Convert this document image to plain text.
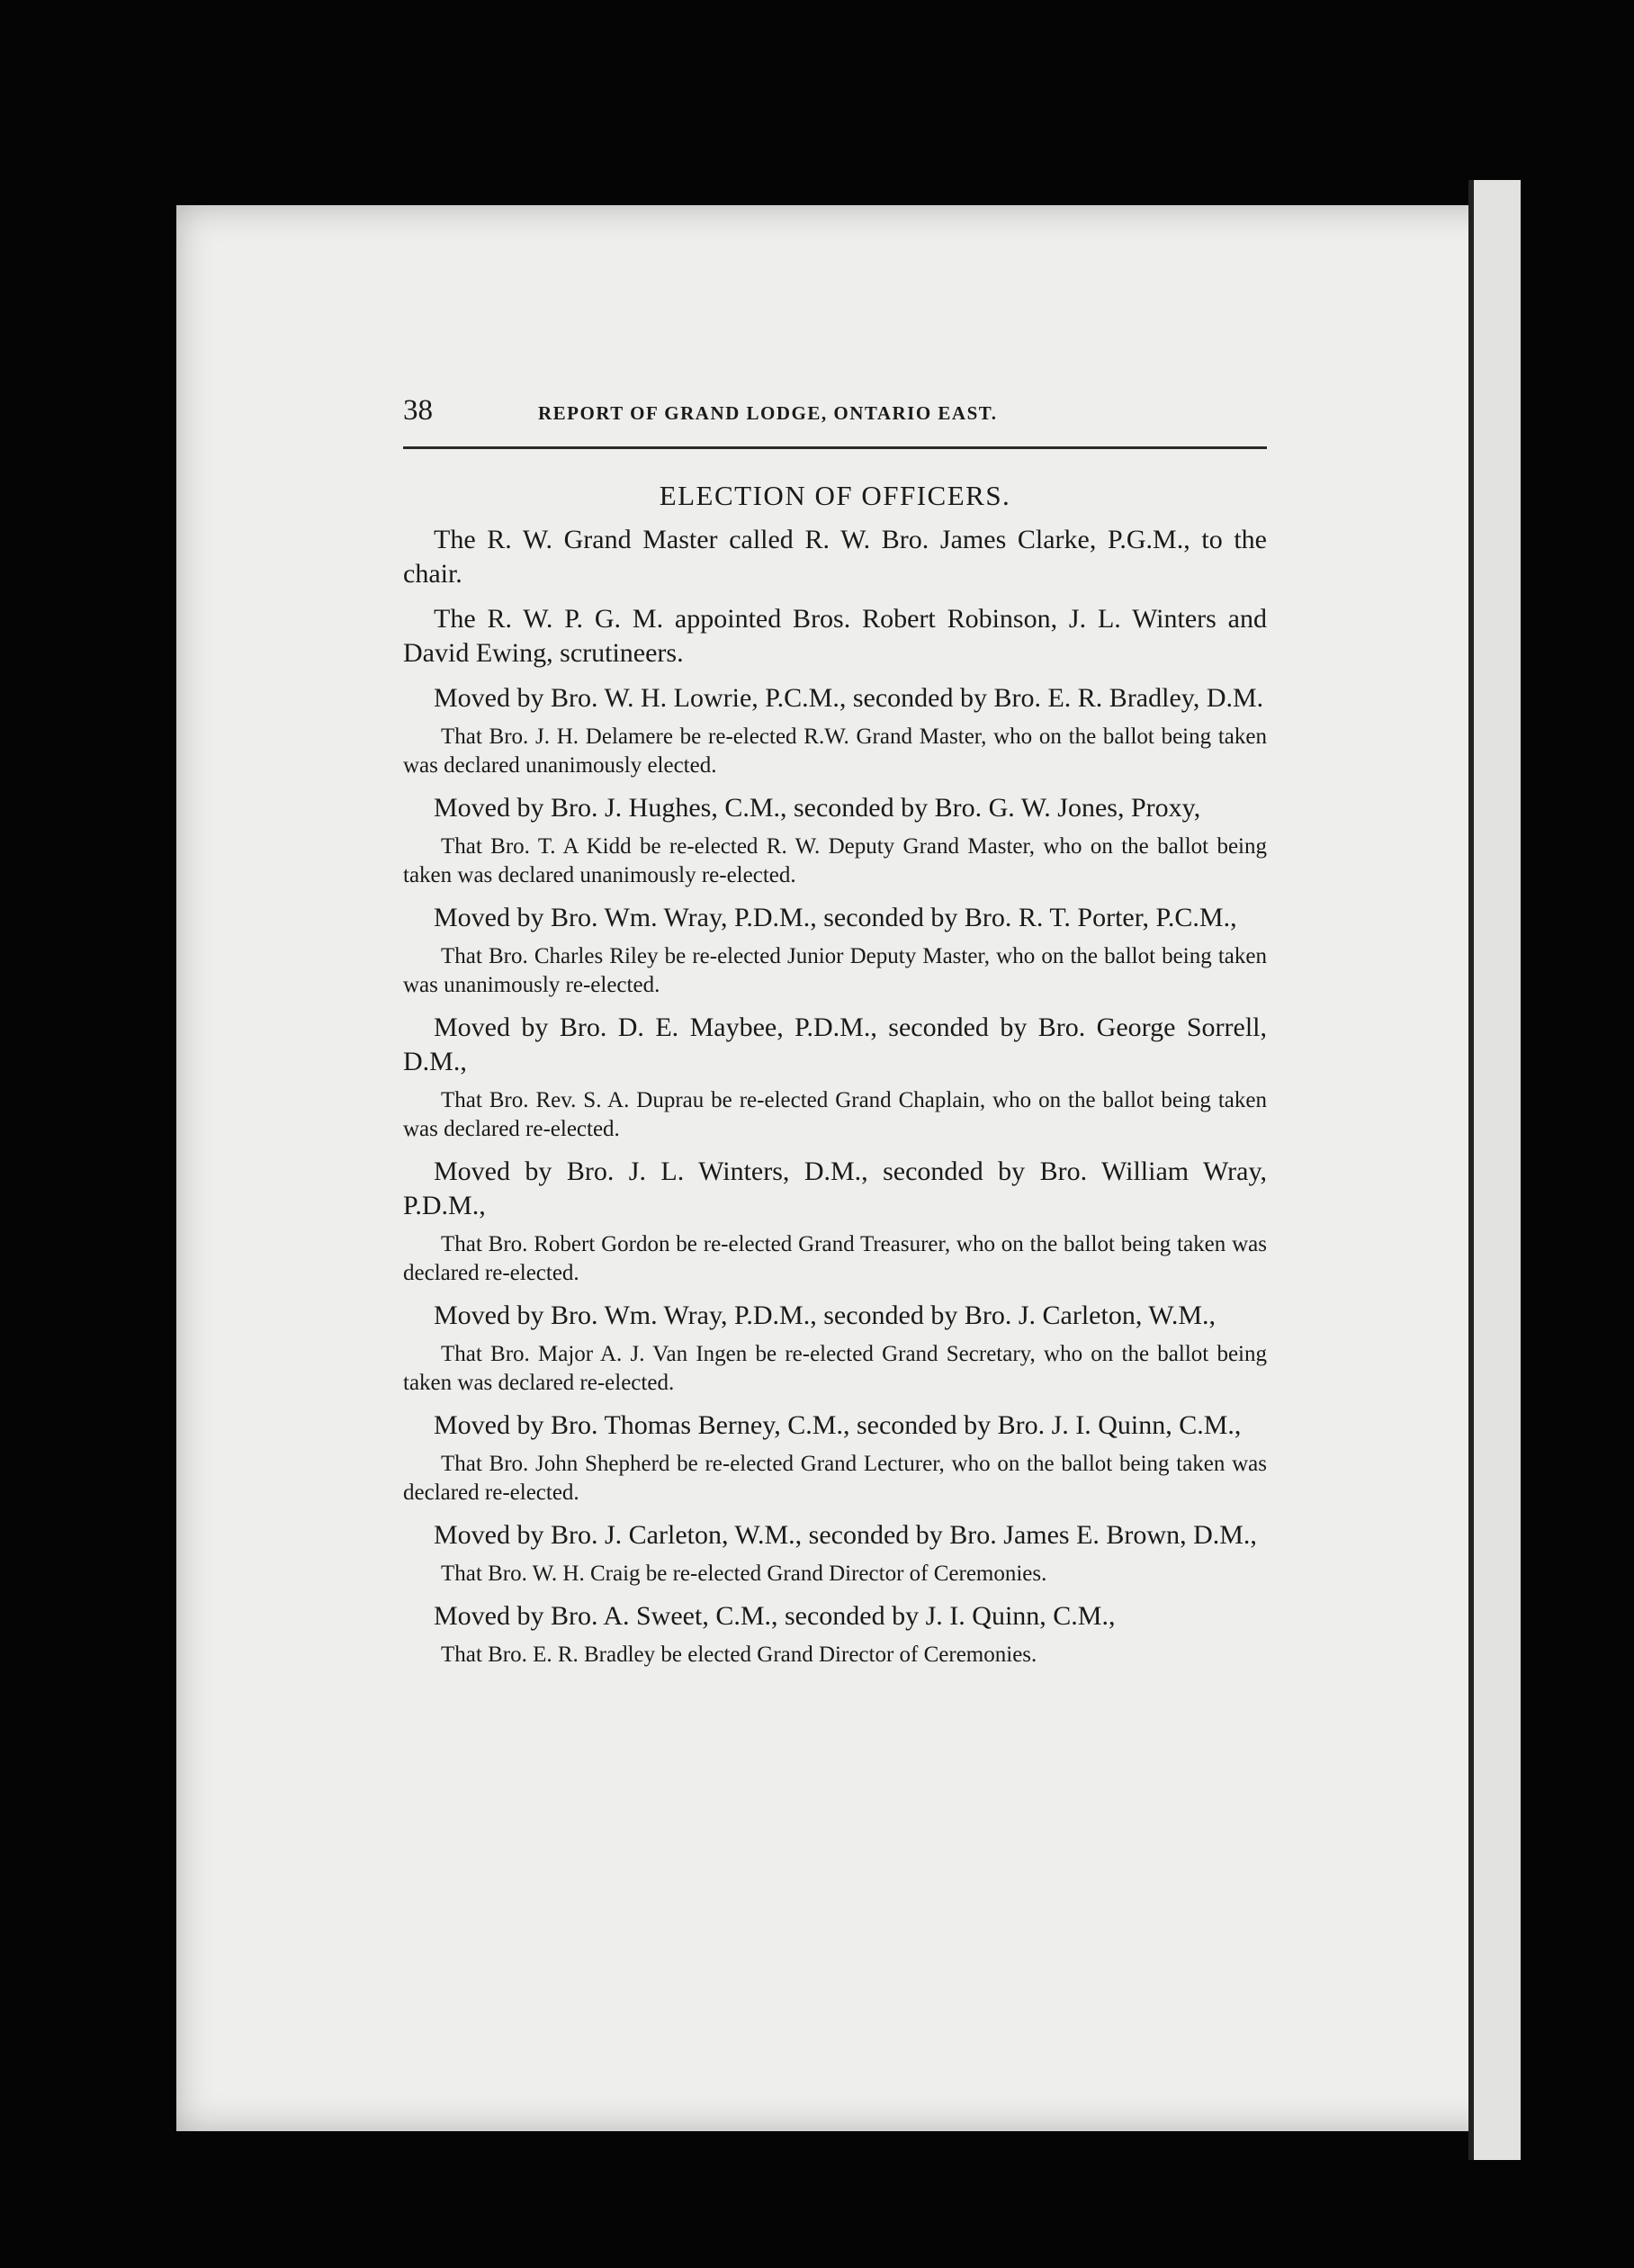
38	REPORT OF GRAND LODGE, ONTARIO EAST.
ELECTION OF OFFICERS.

The R. W. Grand Master called R. W. Bro. James Clarke, P.G.M., to the chair.

The R. W. P. G. M. appointed Bros. Robert Robinson, J. L. Winters and David Ewing, scrutineers.

Moved by Bro. W. H. Lowrie, P.C.M., seconded by Bro. E. R. Bradley, D.M.

That Bro. J. H. Delamere be re-elected R.W. Grand Master, who on the ballot being taken was declared unanimously elected.

Moved by Bro. J. Hughes, C.M., seconded by Bro. G. W. Jones, Proxy,

That Bro. T. A Kidd be re-elected R. W. Deputy Grand Master, who on the ballot being taken was declared unanimously re-elected.

Moved by Bro. Wm. Wray, P.D.M., seconded by Bro. R. T. Porter, P.C.M.,

That Bro. Charles Riley be re-elected Junior Deputy Master, who on the ballot being taken was unanimously re-elected.

Moved by Bro. D. E. Maybee, P.D.M., seconded by Bro. George Sorrell, D.M.,

That Bro. Rev. S. A. Duprau be re-elected Grand Chaplain, who on the ballot being taken was declared re-elected.

Moved by Bro. J. L. Winters, D.M., seconded by Bro. William Wray, P.D.M.,

That Bro. Robert Gordon be re-elected Grand Treasurer, who on the ballot being taken was declared re-elected.

Moved by Bro. Wm. Wray, P.D.M., seconded by Bro. J. Carleton, W.M.,

That Bro. Major A. J. Van Ingen be re-elected Grand Secretary, who on the ballot being taken was declared re-elected.

Moved by Bro. Thomas Berney, C.M., seconded by Bro. J. I. Quinn, C.M.,

That Bro. John Shepherd be re-elected Grand Lecturer, who on the ballot being taken was declared re-elected.

Moved by Bro. J. Carleton, W.M., seconded by Bro. James E. Brown, D.M.,

That Bro. W. H. Craig be re-elected Grand Director of Ceremonies.

Moved by Bro. A. Sweet, C.M., seconded by J. I. Quinn, C.M.,

That Bro. E. R. Bradley be elected Grand Director of Ceremonies.
